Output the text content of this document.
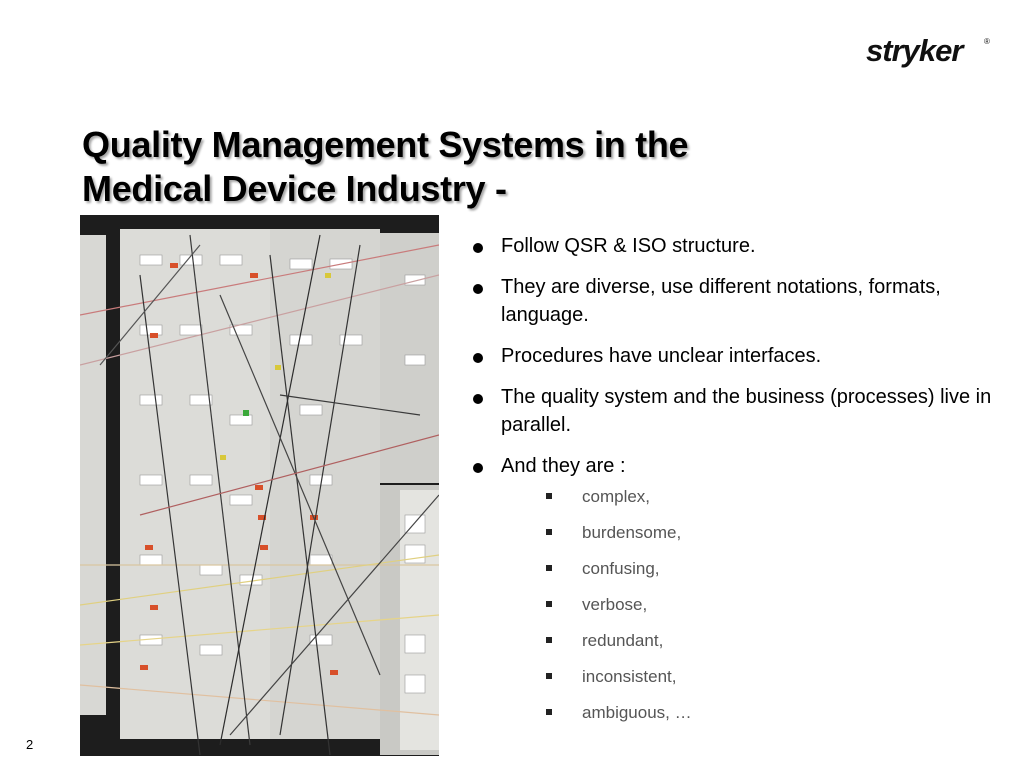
stryker	®
Quality Management Systems in the
Medical Device Industry -
Follow QSR & ISO structure.
They are diverse, use different notations, formats, language.
Procedures have unclear interfaces.
The quality system and the business (processes) live in parallel.
And they are :
complex,
burdensome,
confusing,
verbose,
redundant,
inconsistent,
ambiguous, …
2
